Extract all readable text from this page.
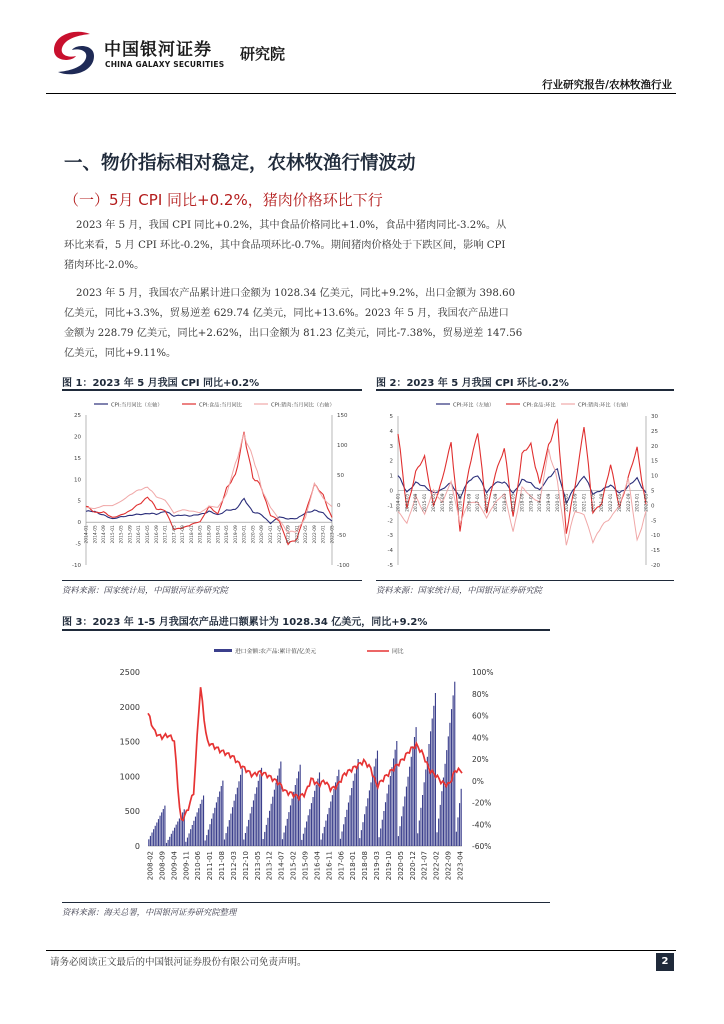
中国银河证券
CHINA GALAXY SECURITIES
研究院
行业研究报告/农林牧渔行业
一、物价指标相对稳定，农林牧渔行情波动
（一）5月 CPI 同比+0.2%，猪肉价格环比下行
2023 年 5 月，我国 CPI 同比+0.2%，其中食品价格同比+1.0%，食品中猪肉同比-3.2%。从
环比来看，5 月 CPI 环比-0.2%，其中食品项环比-0.7%。期间猪肉价格处于下跌区间，影响 CPI
猪肉环比-2.0%。
2023 年 5 月，我国农产品累计进口金额为 1028.34 亿美元，同比+9.2%，出口金额为 398.60
亿美元，同比+3.3%，贸易逆差 629.74 亿美元，同比+13.6%。2023 年 5 月，我国农产品进口
金额为 228.79 亿美元，同比+2.62%，出口金额为 81.23 亿美元，同比-7.38%，贸易逆差 147.56
亿美元，同比+9.11%。
图 1：2023 年 5 月我国 CPI 同比+0.2%
CPI:当月同比（左轴）	CPI:食品:当月同比	CPI:猪肉:当月同比（右轴）
25
20
15
10
5
0
-5
-10
150
100
50
0
-50
-100
2014-01 2014-05 2014-09 2015-01 2015-05 2015-09 2016-01 2016-05 2016-09 2017-01 2017-05 2017-09 2018-01 2018-05 2018-09 2019-01 2019-05 2019-09 2020-01 2020-05 2020-09 2021-01 2021-05 2021-09 2022-01 2022-05 2022-09 2023-01 2023-05
资料来源：国家统计局，中国银河证券研究院
图 2：2023 年 5 月我国 CPI 环比-0.2%
CPI:环比（左轴）	CPI:食品:环比	CPI:猪肉:环比（右轴）
5
4
3
2
1
0
-1
-2
-3
-4
-5
30
25
20
15
10
5
0
-5
-10
-15
-20
2014-01 2014-05 2014-09 2015-01 2015-05 2015-09 2016-01 2016-05 2016-09 2017-01 2017-05 2017-09 2018-01 2018-05 2018-09 2019-01 2019-05 2019-09 2020-01 2020-05 2020-09 2021-01 2021-05 2021-09 2022-01 2022-05 2022-09 2023-01 2023-05
资料来源：国家统计局，中国银河证券研究院
图 3：2023 年 1-5 月我国农产品进口额累计为 1028.34 亿美元，同比+9.2%
进口金额:农产品:累计值/亿美元	同比
2500
2000
1500
1000
500
0
100%
80%
60%
40%
20%
0%
-20%
-40%
-60%
2008-02 2008-09 2009-04 2009-11 2010-06 2011-01 2011-08 2012-03 2012-10 2013-05 2013-12 2014-07 2015-02 2015-09 2016-04 2016-11 2017-06 2018-01 2018-08 2019-03 2019-10 2020-05 2020-12 2021-07 2022-02 2022-09 2023-04
资料来源：海关总署，中国银河证券研究院整理
请务必阅读正文最后的中国银河证券股份有限公司免责声明。	2
